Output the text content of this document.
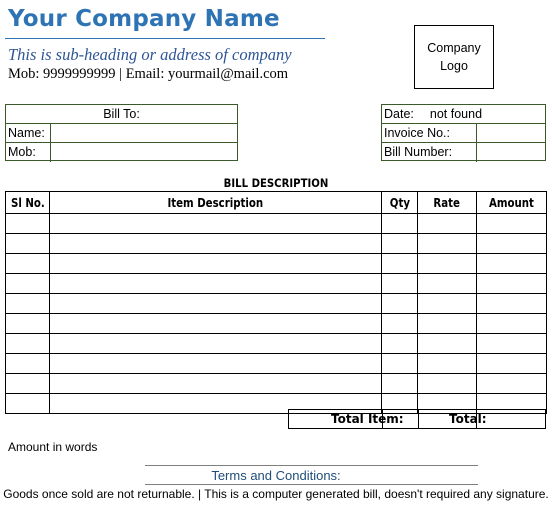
Your Company Name
This is sub-heading or address of company
Mob: 9999999999 | Email: yourmail@mail.com
Company
Logo
Bill To:
Name:
Mob:
Date: not found
Invoice No.:
Bill Number:
BILL DESCRIPTION
Sl No.	Item Description	Qty	Rate	Amount

Total Item:	Total:
Amount in words
Terms and Conditions:
Goods once sold are not returnable. | This is a computer generated bill, doesn't required any signature.
